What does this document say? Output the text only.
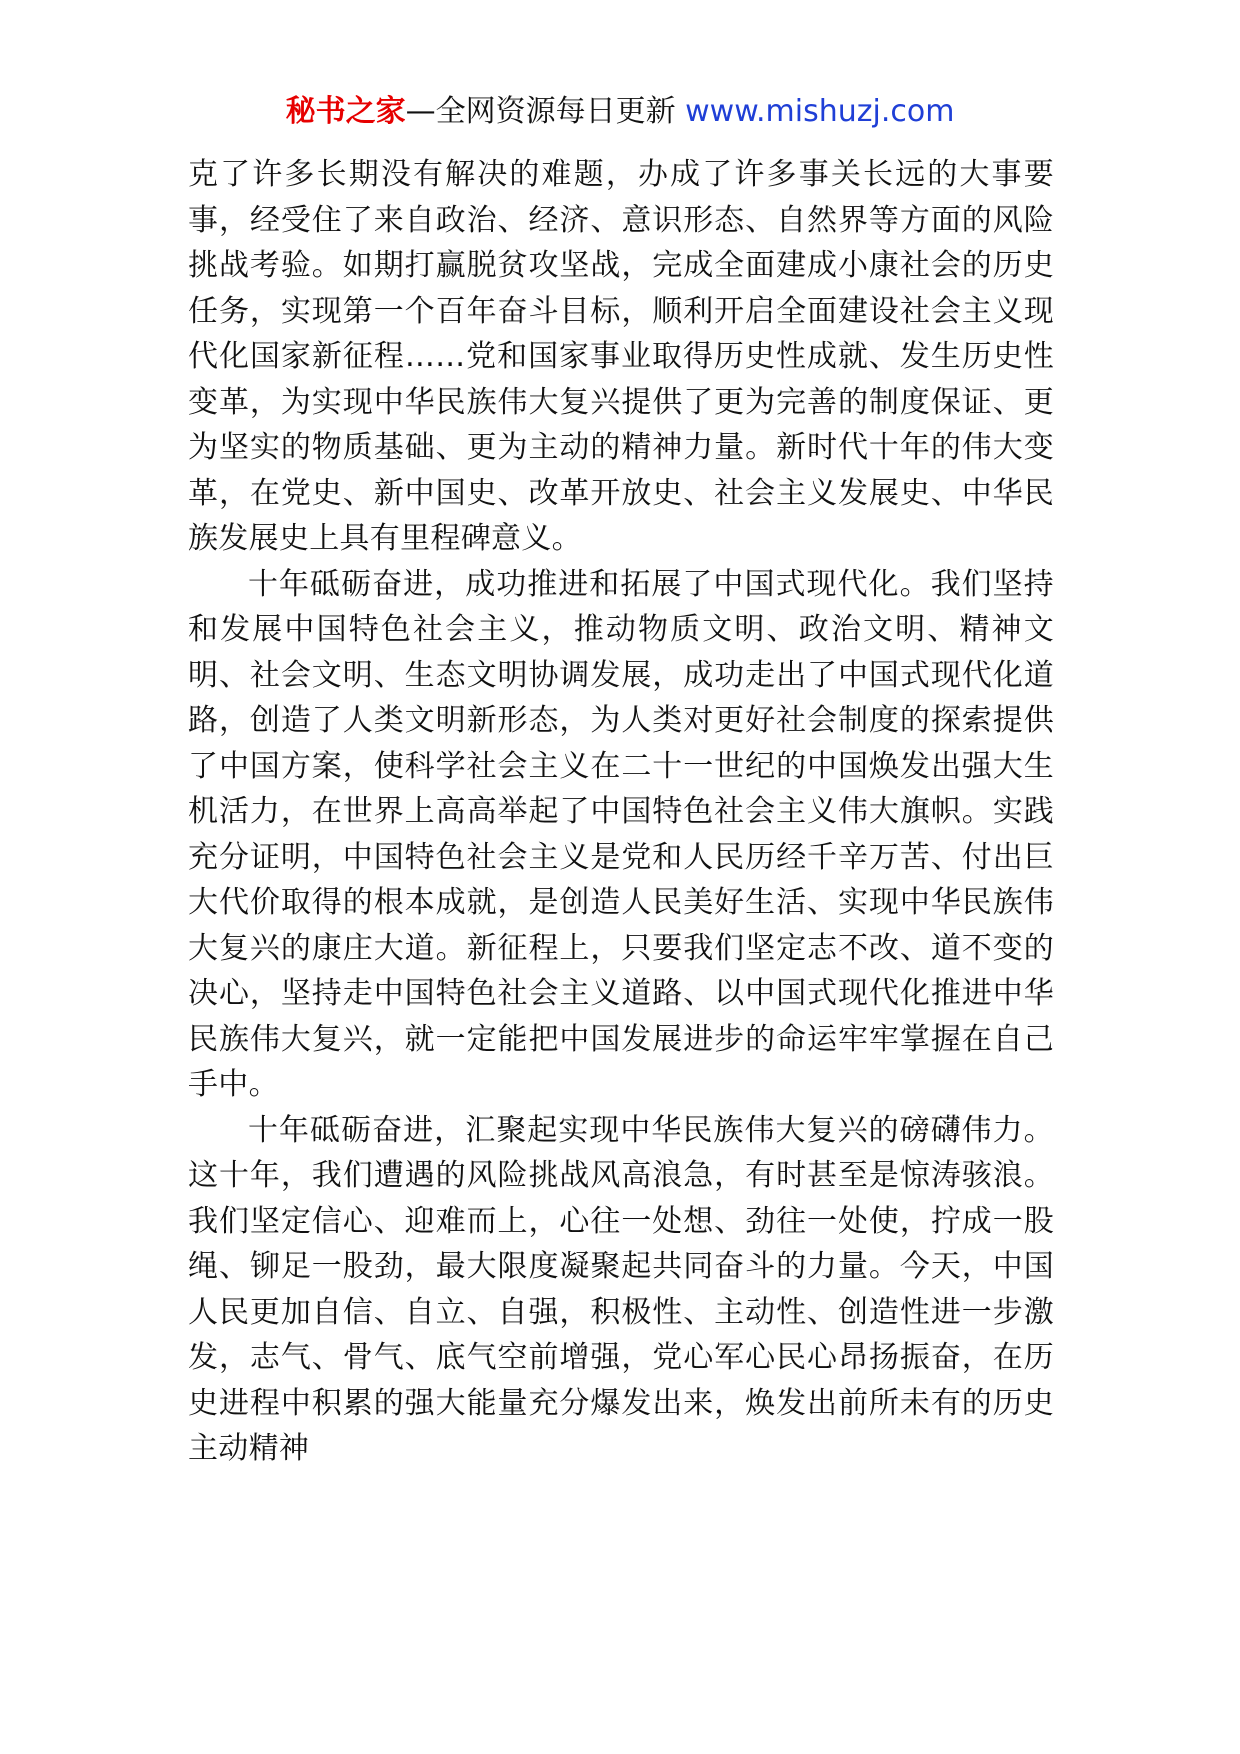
秘书之家—全网资源每日更新 www.mishuzj.com

克了许多长期没有解决的难题，办成了许多事关长远的大事要事，经受住了来自政治、经济、意识形态、自然界等方面的风险挑战考验。如期打赢脱贫攻坚战，完成全面建成小康社会的历史任务，实现第一个百年奋斗目标，顺利开启全面建设社会主义现代化国家新征程……党和国家事业取得历史性成就、发生历史性变革，为实现中华民族伟大复兴提供了更为完善的制度保证、更为坚实的物质基础、更为主动的精神力量。新时代十年的伟大变革，在党史、新中国史、改革开放史、社会主义发展史、中华民族发展史上具有里程碑意义。

十年砥砺奋进，成功推进和拓展了中国式现代化。我们坚持和发展中国特色社会主义，推动物质文明、政治文明、精神文明、社会文明、生态文明协调发展，成功走出了中国式现代化道路，创造了人类文明新形态，为人类对更好社会制度的探索提供了中国方案，使科学社会主义在二十一世纪的中国焕发出强大生机活力，在世界上高高举起了中国特色社会主义伟大旗帜。实践充分证明，中国特色社会主义是党和人民历经千辛万苦、付出巨大代价取得的根本成就，是创造人民美好生活、实现中华民族伟大复兴的康庄大道。新征程上，只要我们坚定志不改、道不变的决心，坚持走中国特色社会主义道路、以中国式现代化推进中华民族伟大复兴，就一定能把中国发展进步的命运牢牢掌握在自己手中。

十年砥砺奋进，汇聚起实现中华民族伟大复兴的磅礴伟力。这十年，我们遭遇的风险挑战风高浪急，有时甚至是惊涛骇浪。我们坚定信心、迎难而上，心往一处想、劲往一处使，拧成一股绳、铆足一股劲，最大限度凝聚起共同奋斗的力量。今天，中国人民更加自信、自立、自强，积极性、主动性、创造性进一步激发，志气、骨气、底气空前增强，党心军心民心昂扬振奋，在历史进程中积累的强大能量充分爆发出来，焕发出前所未有的历史主动精神
